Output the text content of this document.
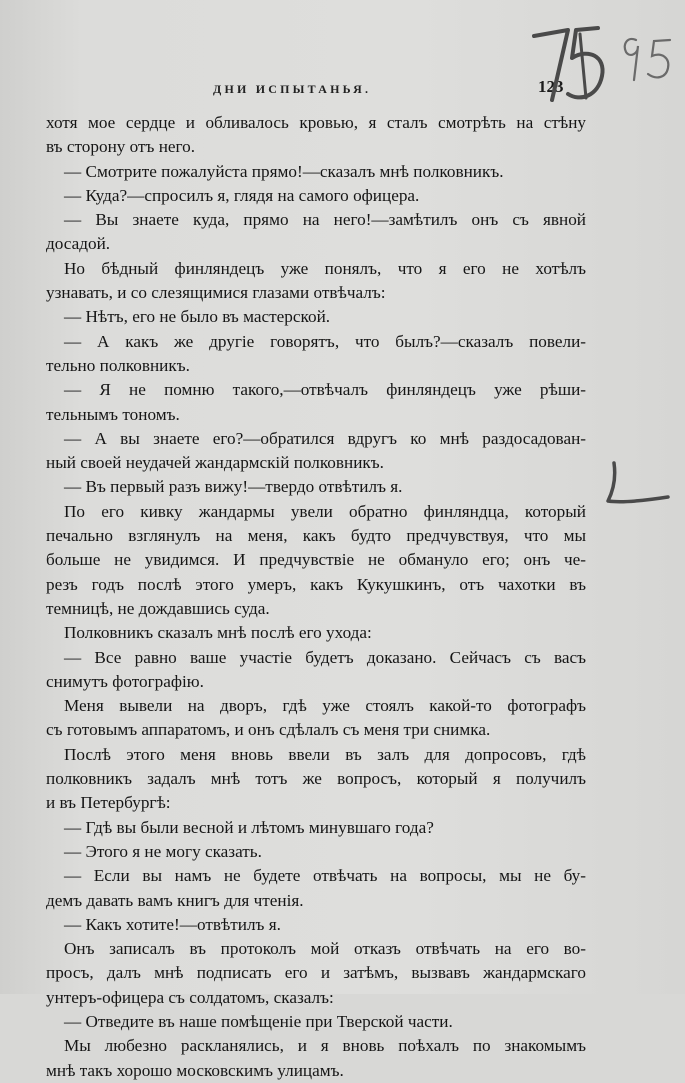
ДНИ ИСПЫТАНЬЯ.	123
хотя мое сердце и обливалось кровью, я сталъ смотрѣть на стѣну
въ сторону отъ него.
— Смотрите пожалуйста прямо!—сказалъ мнѣ полковникъ.
— Куда?—спросилъ я, глядя на самого офицера.
— Вы знаете куда, прямо на него!—замѣтилъ онъ съ явной
досадой.
Но бѣдный финляндецъ уже понялъ, что я его не хотѣлъ
узнавать, и со слезящимися глазами отвѣчалъ:
— Нѣтъ, его не было въ мастерской.
— А какъ же другіе говорятъ, что былъ?—сказалъ повели-
тельно полковникъ.
— Я не помню такого,—отвѣчалъ финляндецъ уже рѣши-
тельнымъ тономъ.
— А вы знаете его?—обратился вдругъ ко мнѣ раздосадован-
ный своей неудачей жандармскій полковникъ.
— Въ первый разъ вижу!—твердо отвѣтилъ я.
По его кивку жандармы увели обратно финляндца, который
печально взглянулъ на меня, какъ будто предчувствуя, что мы
больше не увидимся. И предчувствіе не обмануло его; онъ че-
резъ годъ послѣ этого умеръ, какъ Кукушкинъ, отъ чахотки въ
темницѣ, не дождавшись суда.
Полковникъ сказалъ мнѣ послѣ его ухода:
— Все равно ваше участіе будетъ доказано. Сейчасъ съ васъ
снимутъ фотографію.
Меня вывели на дворъ, гдѣ уже стоялъ какой-то фотографъ
съ готовымъ аппаратомъ, и онъ сдѣлалъ съ меня три снимка.
Послѣ этого меня вновь ввели въ залъ для допросовъ, гдѣ
полковникъ задалъ мнѣ тотъ же вопросъ, который я получилъ
и въ Петербургѣ:
— Гдѣ вы были весной и лѣтомъ минувшаго года?
— Этого я не могу сказать.
— Если вы намъ не будете отвѣчать на вопросы, мы не бу-
демъ давать вамъ книгъ для чтенія.
— Какъ хотите!—отвѣтилъ я.
Онъ записалъ въ протоколъ мой отказъ отвѣчать на его во-
просъ, далъ мнѣ подписать его и затѣмъ, вызвавъ жандармскаго
унтеръ-офицера съ солдатомъ, сказалъ:
— Отведите въ наше помѣщеніе при Тверской части.
Мы любезно раскланялись, и я вновь поѣхалъ по знакомымъ
мнѣ такъ хорошо московскимъ улицамъ.
